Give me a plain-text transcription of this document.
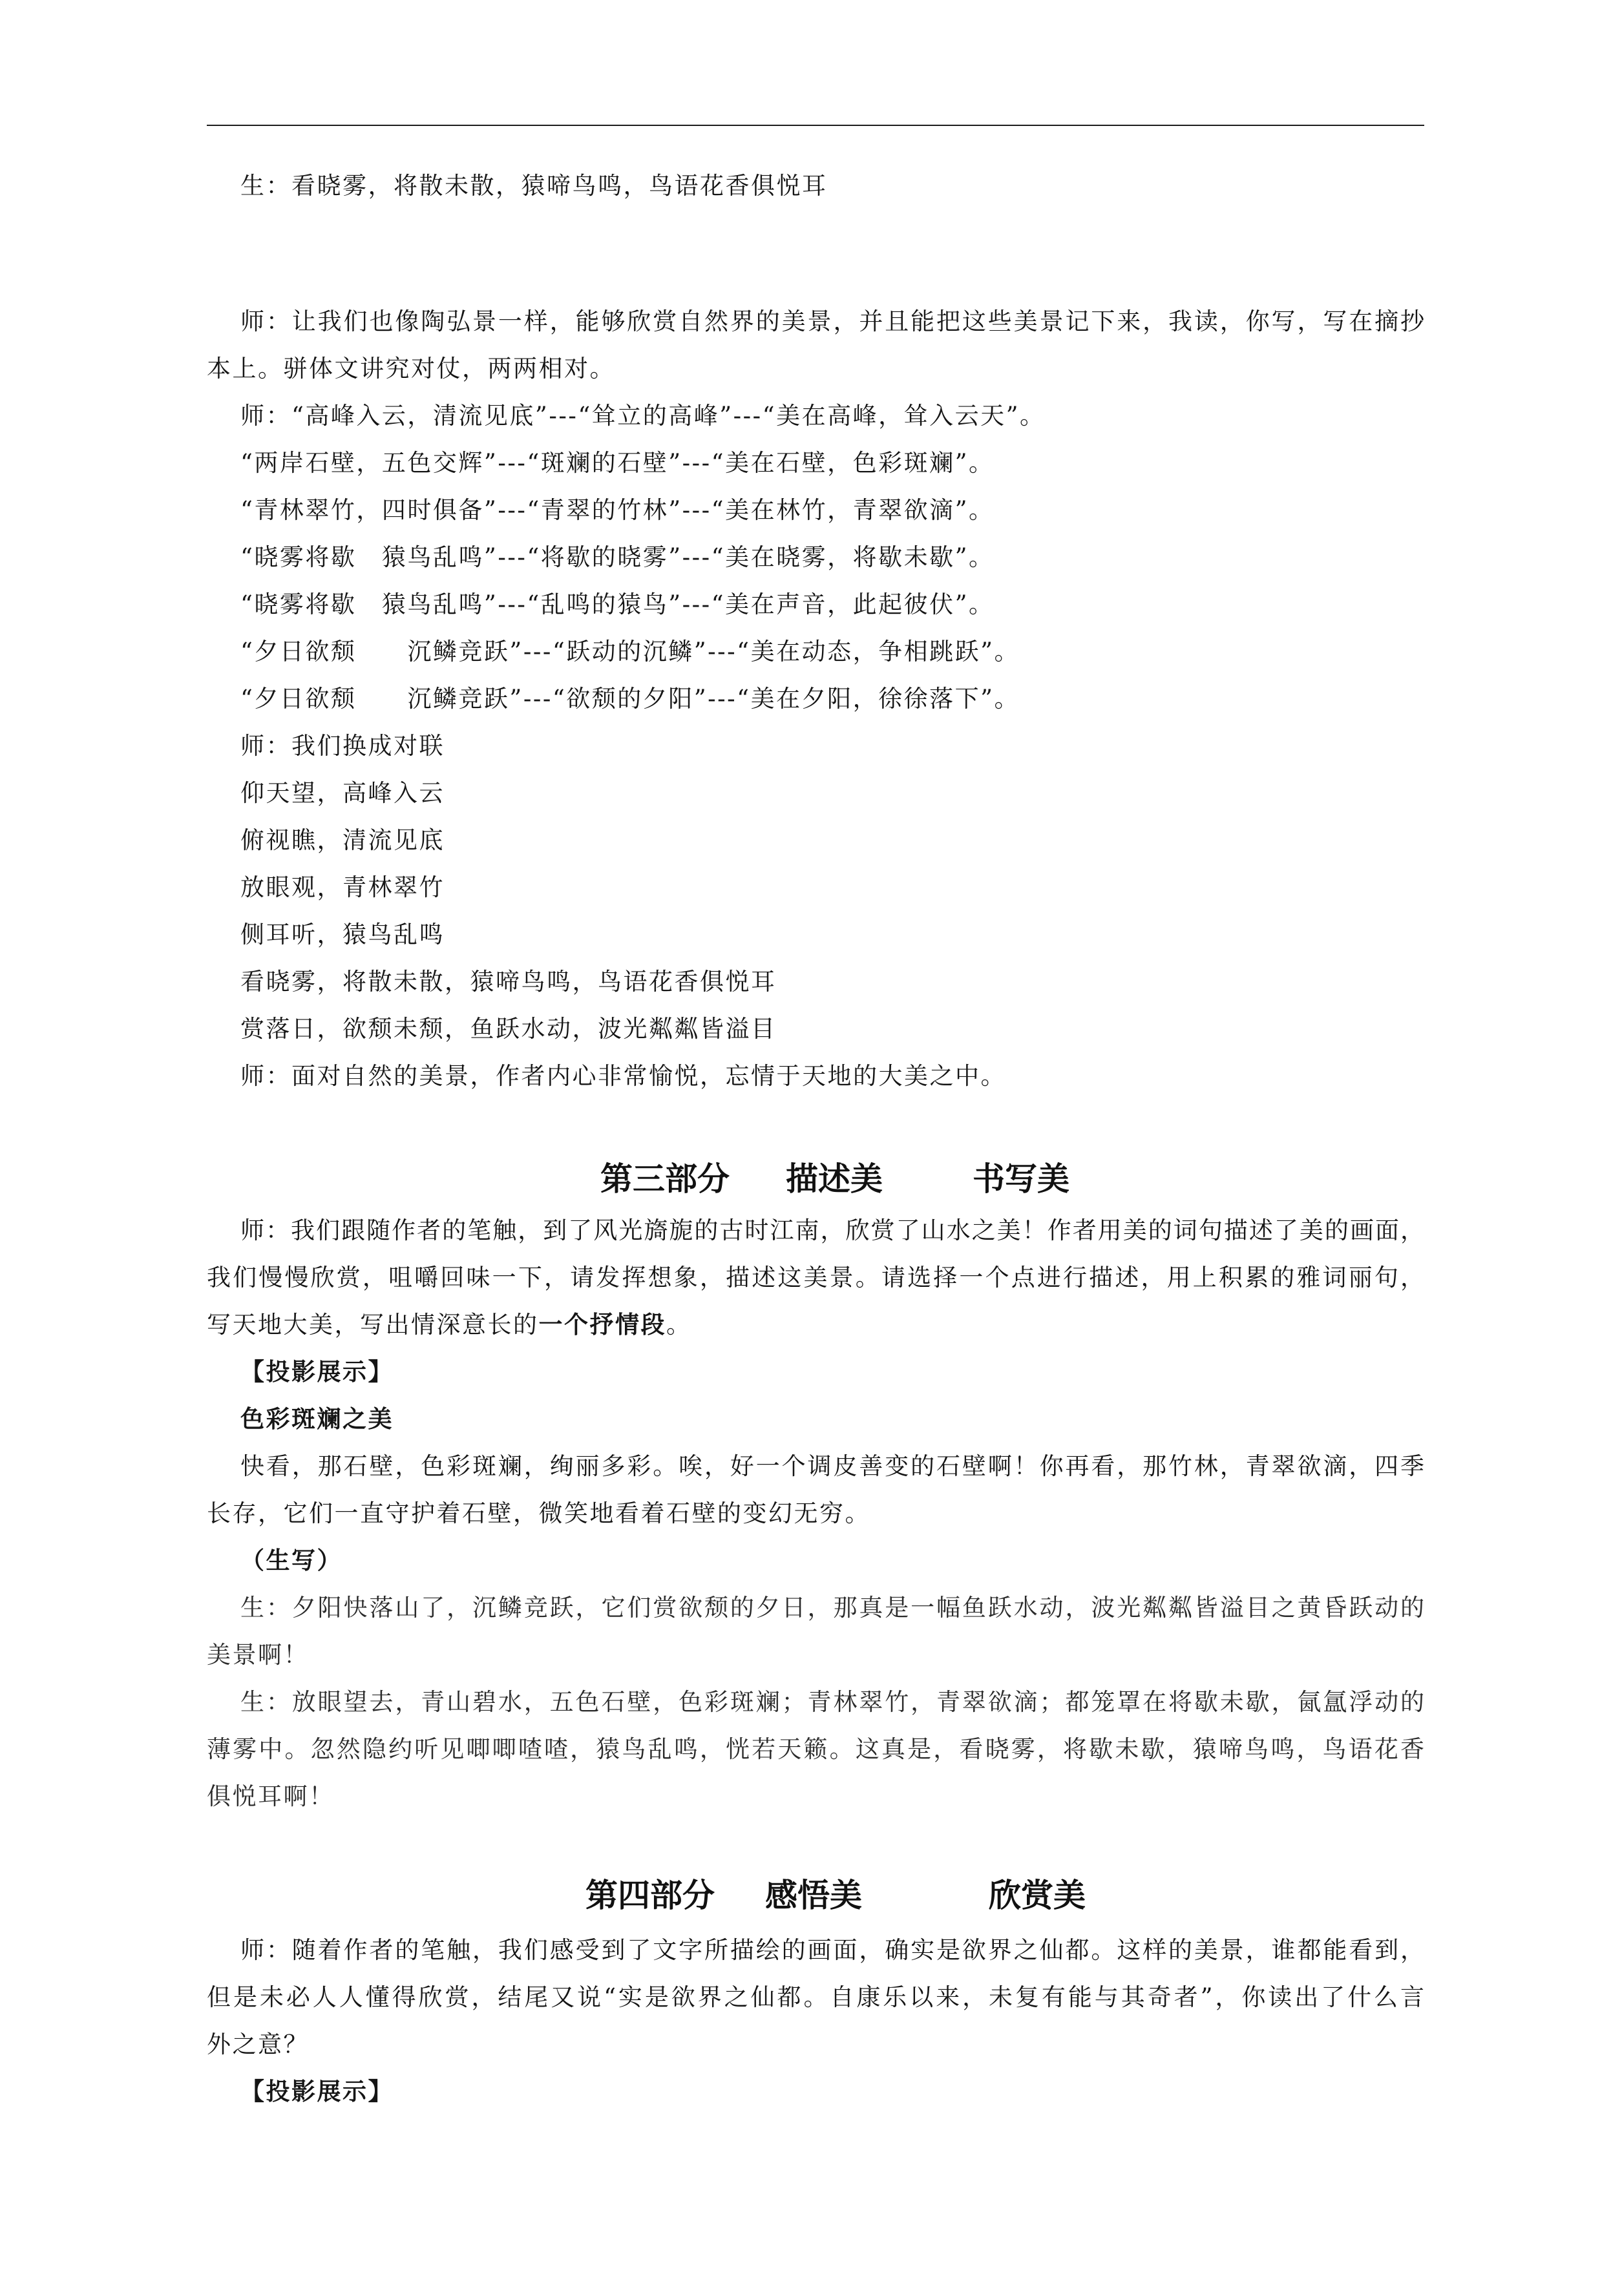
生：看晓雾，将散未散，猿啼鸟鸣，鸟语花香俱悦耳
师：让我们也像陶弘景一样，能够欣赏自然界的美景，并且能把这些美景记下来，我读，你写，写在摘抄
本上。骈体文讲究对仗，两两相对。
师：“高峰入云，清流见底”---“耸立的高峰”---“美在高峰，耸入云天”。
“两岸石壁，五色交辉”---“斑斓的石壁”---“美在石壁，色彩斑斓”。
“青林翠竹，四时俱备”---“青翠的竹林”---“美在林竹，青翠欲滴”。
“晓雾将歇　猿鸟乱鸣”---“将歇的晓雾”---“美在晓雾，将歇未歇”。
“晓雾将歇　猿鸟乱鸣”---“乱鸣的猿鸟”---“美在声音，此起彼伏”。
“夕日欲颓　　沉鳞竞跃”---“跃动的沉鳞”---“美在动态，争相跳跃”。
“夕日欲颓　　沉鳞竞跃”---“欲颓的夕阳”---“美在夕阳，徐徐落下”。
师：我们换成对联
仰天望，高峰入云
俯视瞧，清流见底
放眼观，青林翠竹
侧耳听，猿鸟乱鸣
看晓雾，将散未散，猿啼鸟鸣，鸟语花香俱悦耳
赏落日，欲颓未颓，鱼跃水动，波光粼粼皆溢目
师：面对自然的美景，作者内心非常愉悦，忘情于天地的大美之中。
第三部分 描述美	书写美
师：我们跟随作者的笔触，到了风光旖旎的古时江南，欣赏了山水之美！作者用美的词句描述了美的画面，
我们慢慢欣赏，咀嚼回味一下，请发挥想象，描述这美景。请选择一个点进行描述，用上积累的雅词丽句，
写天地大美，写出情深意长的一个抒情段。
【投影展示】
色彩斑斓之美
快看，那石壁，色彩斑斓，绚丽多彩。唉，好一个调皮善变的石壁啊！你再看，那竹林，青翠欲滴，四季
长存，它们一直守护着石壁，微笑地看着石壁的变幻无穷。
（生写）
生：夕阳快落山了，沉鳞竞跃，它们赏欲颓的夕日，那真是一幅鱼跃水动，波光粼粼皆溢目之黄昏跃动的
美景啊！
生：放眼望去，青山碧水，五色石壁，色彩斑斓；青林翠竹，青翠欲滴；都笼罩在将歇未歇，氤氲浮动的
薄雾中。忽然隐约听见唧唧喳喳，猿鸟乱鸣，恍若天籁。这真是，看晓雾，将歇未歇，猿啼鸟鸣，鸟语花香
俱悦耳啊！
第四部分 感悟美	欣赏美
师：随着作者的笔触，我们感受到了文字所描绘的画面，确实是欲界之仙都。这样的美景，谁都能看到，
但是未必人人懂得欣赏，结尾又说“实是欲界之仙都。自康乐以来，未复有能与其奇者”，你读出了什么言
外之意？
【投影展示】
